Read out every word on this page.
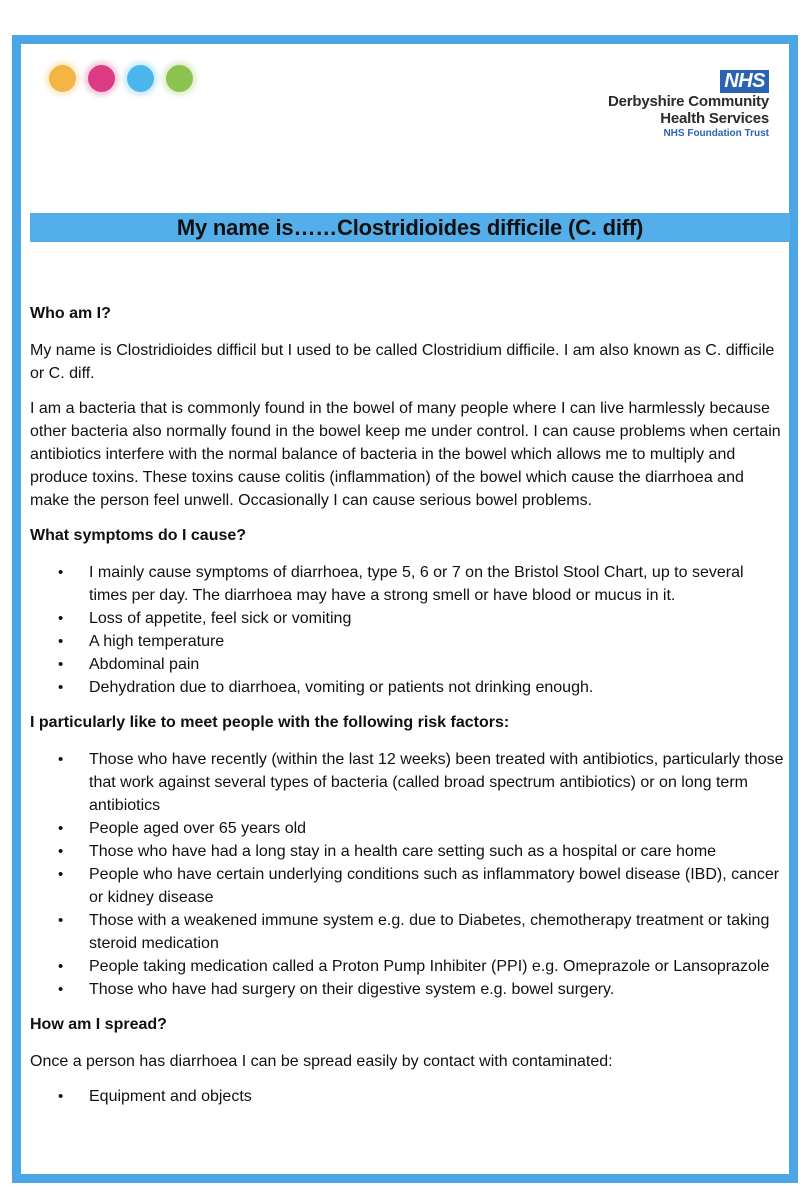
NHS
Derbyshire Community
Health Services
NHS Foundation Trust
My name is……Clostridioides difficile (C. diff)
Who am I?

My name is Clostridioides difficil but I used to be called Clostridium difficile. I am also known as C. difficile or C. diff.

I am a bacteria that is commonly found in the bowel of many people where I can live harmlessly because other bacteria also normally found in the bowel keep me under control. I can cause problems when certain antibiotics interfere with the normal balance of bacteria in the bowel which allows me to multiply and produce toxins. These toxins cause colitis (inflammation) of the bowel which cause the diarrhoea and make the person feel unwell. Occasionally I can cause serious bowel problems.

What symptoms do I cause?
• I mainly cause symptoms of diarrhoea, type 5, 6 or 7 on the Bristol Stool Chart, up to several times per day. The diarrhoea may have a strong smell or have blood or mucus in it.
• Loss of appetite, feel sick or vomiting
• A high temperature
• Abdominal pain
• Dehydration due to diarrhoea, vomiting or patients not drinking enough.
I particularly like to meet people with the following risk factors:
• Those who have recently (within the last 12 weeks) been treated with antibiotics, particularly those that work against several types of bacteria (called broad spectrum antibiotics) or on long term antibiotics
• People aged over 65 years old
• Those who have had a long stay in a health care setting such as a hospital or care home
• People who have certain underlying conditions such as inflammatory bowel disease (IBD), cancer or kidney disease
• Those with a weakened immune system e.g. due to Diabetes, chemotherapy treatment or taking steroid medication
• People taking medication called a Proton Pump Inhibiter (PPI) e.g. Omeprazole or Lansoprazole
• Those who have had surgery on their digestive system e.g. bowel surgery.
How am I spread?

Once a person has diarrhoea I can be spread easily by contact with contaminated:

• Equipment and objects
